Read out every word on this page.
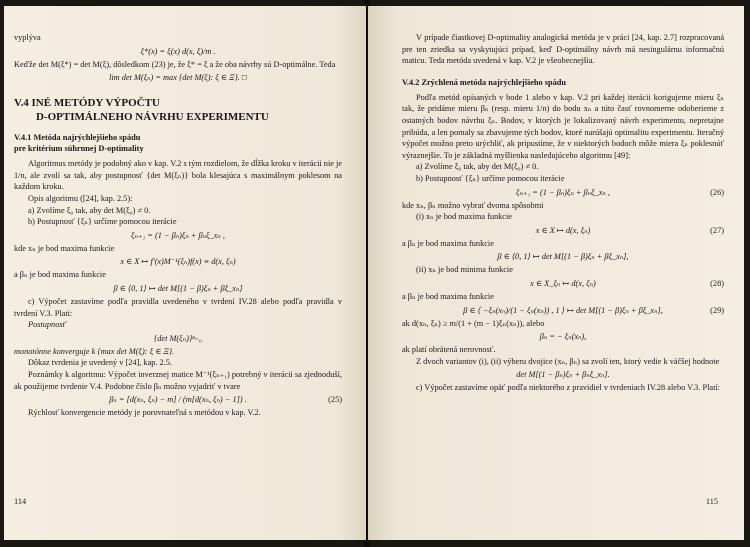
vyplýva

ξ*(x) = ξ(x) d(x, ξ)/m .

Keďže det M(ξ*) = det M(ξ), dôsledkom (23) je, že ξ* = ξ a že oba návrhy sú D-optimálne. Teda

lim det M(ξₙ) = max {det M(ξ): ξ ∈ Ξ}. □

V.4 INÉ METÓDY VÝPOČTU
D-OPTIMÁLNEHO NÁVRHU EXPERIMENTU
V.4.1 Metóda najrýchlejšieho spádu
pre kritérium súhrnnej D-optimality

Algoritmus metódy je podobný ako v kap. V.2 s tým rozdielom, že dĺžka kroku v iterácii nie je 1/n, ale zvolí sa tak, aby postupnosť {det M(ξₙ)} bola klesajúca s maximálnym poklesom na každom kroku.

Opis algoritmu ([24], kap. 2.5):

a) Zvolíme ξ₀ tak, aby det M(ξ₀) ≠ 0.

b) Postupnosť {ξₙ} určíme pomocou iterácie

ξₙ₊₁ = (1 − βₙ)ξₙ + βₙξ_xₙ ,

kde xₙ je bod maxima funkcie

x ∈ X ↦ f′(x)M⁻¹(ξₙ)f(x) ≡ d(x, ξₙ)

a βₙ je bod maxima funkcie

β ∈ ⟨0, 1⟩ ↦ det M[(1 − β)ξₙ + βξ_xₙ]

c) Výpočet zastavíme podľa pravidla uvedeného v tvrdení IV.28 alebo podľa pravidla v tvrdení V.3. Platí:

Postupnosť

{det M(ξₙ)}ⁿ₌₀

monotónne konverguje k {max det M(ξ): ξ ∈ Ξ}.

Dôkaz tvrdenia je uvedený v [24], kap. 2.5.

Poznámky k algoritmu: Výpočet inverznej matice M⁻¹(ξₙ₊₁) potrebný v iterácii sa zjednoduší, ak použijeme tvrdenie V.4. Podobne číslo βₙ možno vyjadriť v tvare

βₙ = [d(xₙ, ξₙ) − m] / (m[d(xₙ, ξₙ) − 1]) .	(25)

Rýchlosť konvergencie metódy je porovnateľná s metódou v kap. V.2.

114

V prípade čiastkovej D-optimality analogická metóda je v práci [24, kap. 2.7] rozpracovaná pre ten zriedka sa vyskytujúci prípad, keď D-optimálny návrh má nesingulárnu informačnú maticu. Teda metóda uvedená v kap. V.2 je všeobecnejšia.

V.4.2 Zrýchlená metóda najrýchlejšieho spádu

Podľa metód opísaných v bode 1 alebo v kap. V.2 pri každej iterácii korigujeme mieru ξₙ tak, že pridáme mieru βₙ (resp. mieru 1/n) do bodu xₙ a túto časť rovnomerne odoberieme z ostatných bodov návrhu ξₙ. Bodov, v ktorých je lokalizovaný návrh experimentu, nepretajne pribúda, a len pomaly sa zbavujeme tých bodov, ktoré narúšajú optimalitu experimentu. Iteračný výpočet možno preto urýchliť, ak pripustíme, že v niektorých bodoch môže miera ξₙ poklesnúť výraznejšie. To je základná myšlienka nasledujúceho algoritmu [49]:

a) Zvolíme ξ₀ tak, aby det M(ξ₀) ≠ 0.

b) Postupnosť {ξₙ} určíme pomocou iterácie

ξₙ₊₁ = (1 − βₙ)ξₙ + βₙξ_xₙ ,	(26)

kde xₙ, βₙ možno vybrať dvoma spôsobmi

(i) xₙ je bod maxima funkcie

x ∈ X ↦ d(x, ξₙ)	(27)

a βₙ je bod maxima funkcie

β ∈ ⟨0, 1⟩ ↦ det M[(1 − β)ξₙ + βξ_xₙ],

(ii) xₙ je bod minima funkcie

x ∈ X_ξₙ ↦ d(x, ξₙ)	(28)

a βₙ je bod maxima funkcie

β ∈ ⟨ −ξₙ(xₙ)/(1 − ξₙ(xₙ)) , 1 ⟩ ↦ det M[(1 − β)ξₙ + βξ_xₙ],	(29)

ak d(xₙ, ξₙ) ≥ m/(1 + (m − 1)ξₙ(xₙ)), alebo

βₙ = − ξₙ(xₙ),

ak platí obrátená nerovnosť.

Z dvoch variantov (i), (ii) výberu dvojice (xₙ, βₙ) sa zvolí ten, ktorý vedie k väčšej hodnote

det M[(1 − βₙ)ξₙ + βₙξ_xₙ].

c) Výpočet zastavíme opäť podľa niektorého z pravidiel v tvrdeniach IV.28 alebo V.3. Platí:

115
